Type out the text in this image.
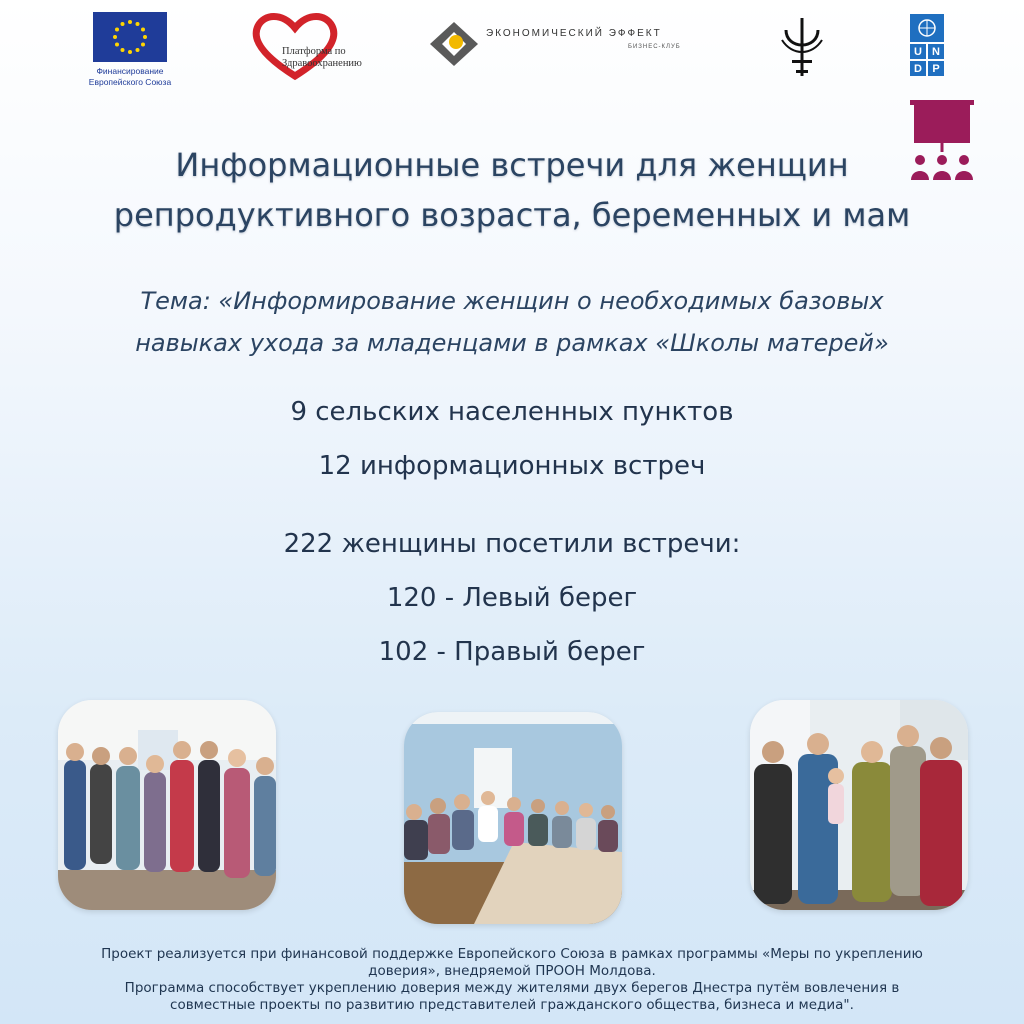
Финансирование
Европейского Союза
Платформа по
Здравоохранению
ЭКОНОМИЧЕСКИЙ ЭФФЕКТ
БИЗНЕС-КЛУБ	U N
D P
Информационные встречи для женщин
репродуктивного возраста, беременных и мам
Тема: «Информирование женщин о необходимых базовых
навыках ухода за младенцами в рамках «Школы матерей»
9 сельских населенных пунктов
12 информационных встреч
222 женщины посетили встречи:
120 - Левый берег
102 - Правый берег
Проект реализуется при финансовой поддержке Европейского Союза в рамках программы «Меры по укреплению
доверия», внедряемой ПРООН Молдова.
Программа способствует укреплению доверия между жителями двух берегов Днестра путём вовлечения в
совместные проекты по развитию представителей гражданского общества, бизнеса и медиа".
